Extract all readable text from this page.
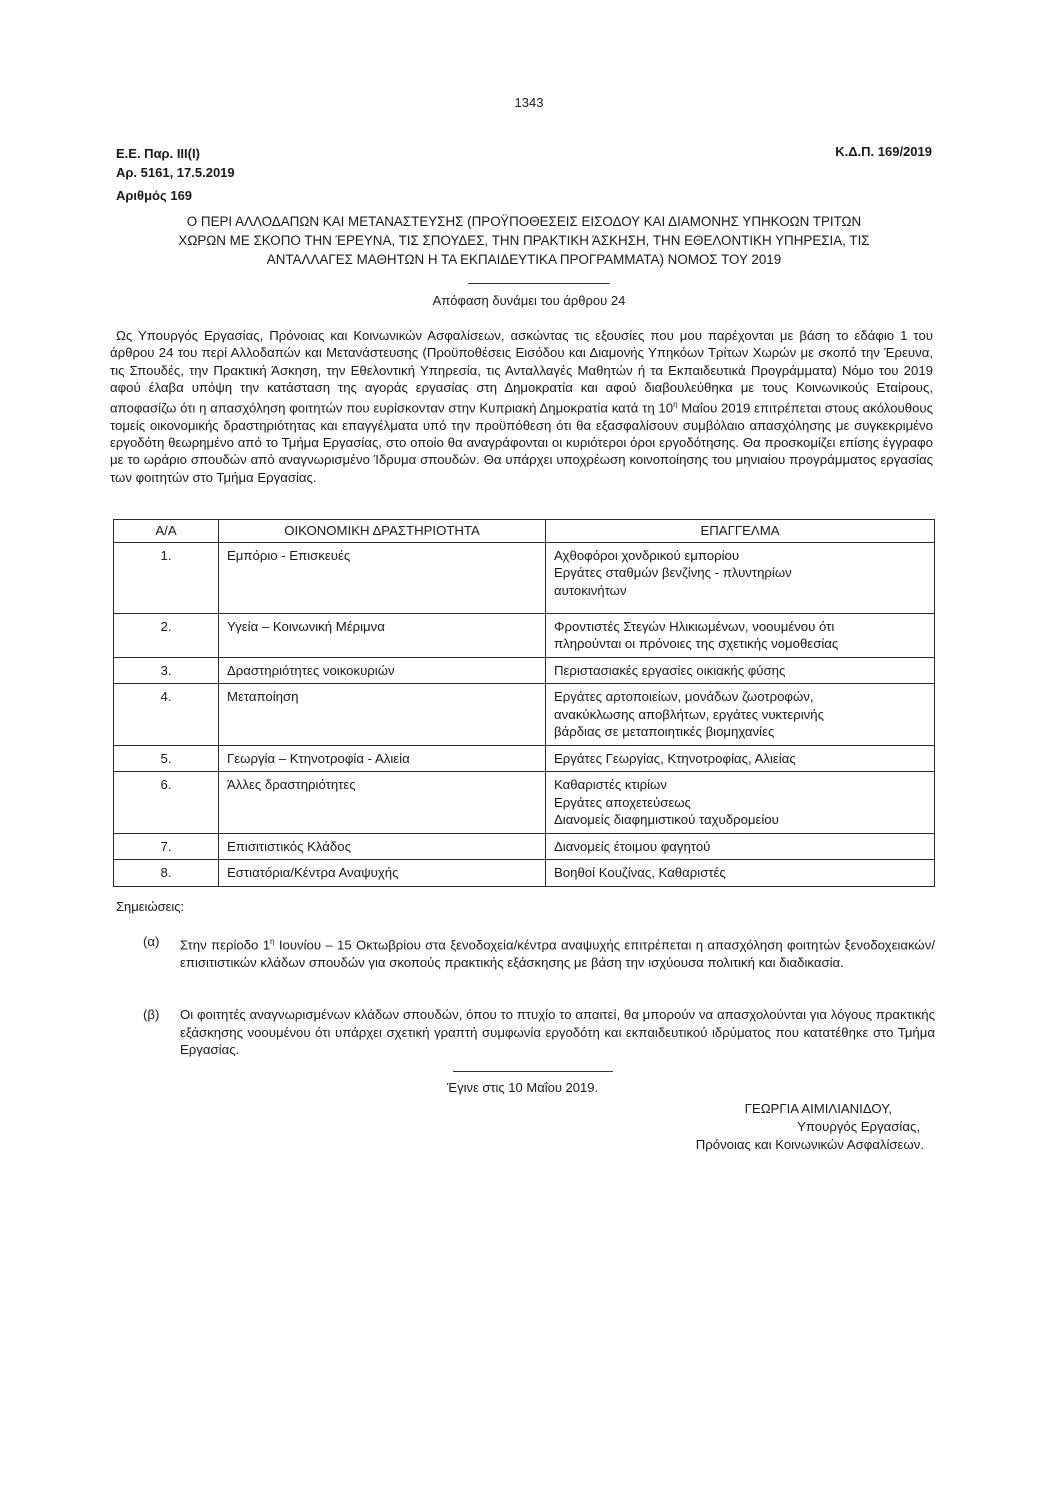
1343
Ε.Ε. Παρ. ΙΙΙ(Ι)
Αρ. 5161, 17.5.2019
Κ.Δ.Π. 169/2019
Αριθμός 169
Ο ΠΕΡΙ ΑΛΛΟΔΑΠΩΝ ΚΑΙ ΜΕΤΑΝΑΣΤΕΥΣΗΣ (ΠΡΟΫΠΟΘΕΣΕΙΣ ΕΙΣΟΔΟΥ ΚΑΙ ΔΙΑΜΟΝΗΣ ΥΠΗΚΟΩΝ ΤΡΙΤΩΝ
ΧΩΡΩΝ ΜΕ ΣΚΟΠΟ ΤΗΝ ΈΡΕΥΝΑ, ΤΙΣ ΣΠΟΥΔΕΣ, ΤΗΝ ΠΡΑΚΤΙΚΗ ΆΣΚΗΣΗ, ΤΗΝ ΕΘΕΛΟΝΤΙΚΗ ΥΠΗΡΕΣΙΑ, ΤΙΣ
ΑΝΤΑΛΛΑΓΕΣ ΜΑΘΗΤΩΝ Η ΤΑ ΕΚΠΑΙΔΕΥΤΙΚΑ ΠΡΟΓΡΑΜΜΑΤΑ) ΝΟΜΟΣ ΤΟΥ 2019
Απόφαση δυνάμει του άρθρου 24
Ως Υπουργός Εργασίας, Πρόνοιας και Κοινωνικών Ασφαλίσεων, ασκώντας τις εξουσίες που μου παρέχονται με βάση το εδάφιο 1 του άρθρου 24 του περί Αλλοδαπών και Μετανάστευσης (Προϋποθέσεις Εισόδου και Διαμονής Υπηκόων Τρίτων Χωρών με σκοπό την Έρευνα, τις Σπουδές, την Πρακτική Άσκηση, την Εθελοντική Υπηρεσία, τις Ανταλλαγές Μαθητών ή τα Εκπαιδευτικά Προγράμματα) Νόμο του 2019 αφού έλαβα υπόψη την κατάσταση της αγοράς εργασίας στη Δημοκρατία και αφού διαβουλεύθηκα με τους Κοινωνικούς Εταίρους, αποφασίζω ότι η απασχόληση φοιτητών που ευρίσκονταν στην Κυπριακή Δημοκρατία κατά τη $10^\eta$ Μαΐου 2019 επιτρέπεται στους ακόλουθους τομείς οικονομικής δραστηριότητας και επαγγέλματα υπό την προϋπόθεση ότι θα εξασφαλίσουν συμβόλαιο απασχόλησης με συγκεκριμένο εργοδότη θεωρημένο από το Τμήμα Εργασίας, στο οποίο θα αναγράφονται οι κυριότεροι όροι εργοδότησης. Θα προσκομίζει επίσης έγγραφο με το ωράριο σπουδών από αναγνωρισμένο Ίδρυμα σπουδών. Θα υπάρχει υποχρέωση κοινοποίησης του μηνιαίου προγράμματος εργασίας των φοιτητών στο Τμήμα Εργασίας.
Α/Α	ΟΙΚΟΝΟΜΙΚΗ ΔΡΑΣΤΗΡΙΟΤΗΤΑ	ΕΠΑΓΓΕΛΜΑ
1.	Εμπόριο - Επισκευές	Αχθοφόροι χονδρικού εμπορίου
Εργάτες σταθμών βενζίνης - πλυντηρίων
αυτοκινήτων

2.	Υγεία – Κοινωνική Μέριμνα	Φροντιστές Στεγών Ηλικιωμένων, νοουμένου ότι
πληρούνται οι πρόνοιες της σχετικής νομοθεσίας

3.	Δραστηριότητες νοικοκυριών	Περιστασιακές εργασίες οικιακής φύσης

4.	Μεταποίηση	Εργάτες αρτοποιείων, μονάδων ζωοτροφών,
ανακύκλωσης αποβλήτων, εργάτες νυκτερινής
βάρδιας σε μεταποιητικές βιομηχανίες

5.	Γεωργία – Κτηνοτροφία - Αλιεία	Εργάτες Γεωργίας, Κτηνοτροφίας, Αλιείας

6.	Άλλες δραστηριότητες	Καθαριστές κτιρίων
Εργάτες αποχετεύσεως
Διανομείς διαφημιστικού ταχυδρομείου

7.	Επισιτιστικός Κλάδος	Διανομείς έτοιμου φαγητού

8.	Εστιατόρια/Κέντρα Αναψυχής	Βοηθοί Κουζίνας, Καθαριστές
Σημειώσεις:
(α) Στην περίοδο $1^\eta$ Ιουνίου – 15 Οκτωβρίου στα ξενοδοχεία/κέντρα αναψυχής επιτρέπεται η απασχόληση φοιτητών ξενοδοχειακών/επισιτιστικών κλάδων σπουδών για σκοπούς πρακτικής εξάσκησης με βάση την ισχύουσα πολιτική και διαδικασία.
(β) Οι φοιτητές αναγνωρισμένων κλάδων σπουδών, όπου το πτυχίο το απαιτεί, θα μπορούν να απασχολούνται για λόγους πρακτικής εξάσκησης νοουμένου ότι υπάρχει σχετική γραπτή συμφωνία εργοδότη και εκπαιδευτικού ιδρύματος που κατατέθηκε στο Τμήμα Εργασίας.
Έγινε στις 10 Μαΐου 2019.
ΓΕΩΡΓΙΑ ΑΙΜΙΛΙΑΝΙΔΟΥ,
Υπουργός Εργασίας,
Πρόνοιας και Κοινωνικών Ασφαλίσεων.
